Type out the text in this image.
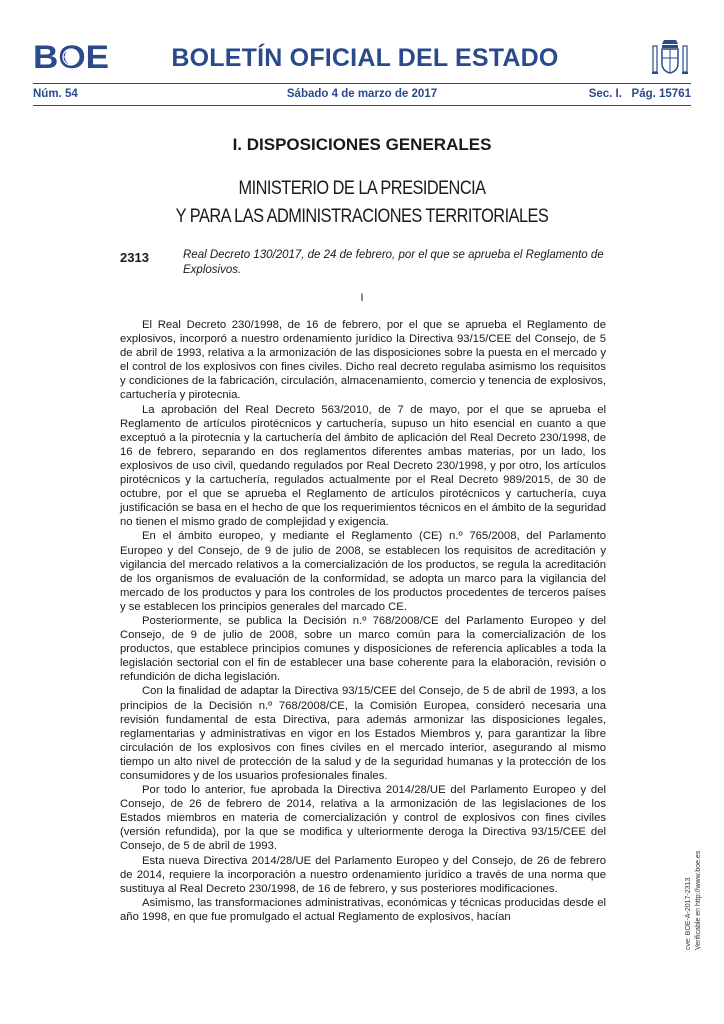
BOE	BOLETÍN OFICIAL DEL ESTADO
Núm. 54	Sábado 4 de marzo de 2017	Sec. I.   Pág. 15761
I. DISPOSICIONES GENERALES
MINISTERIO DE LA PRESIDENCIA
Y PARA LAS ADMINISTRACIONES TERRITORIALES
2313	Real Decreto 130/2017, de 24 de febrero, por el que se aprueba el Reglamento de Explosivos.
I

El Real Decreto 230/1998, de 16 de febrero, por el que se aprueba el Reglamento de explosivos, incorporó a nuestro ordenamiento jurídico la Directiva 93/15/CEE del Consejo, de 5 de abril de 1993, relativa a la armonización de las disposiciones sobre la puesta en el mercado y el control de los explosivos con fines civiles. Dicho real decreto regulaba asimismo los requisitos y condiciones de la fabricación, circulación, almacenamiento, comercio y tenencia de explosivos, cartuchería y pirotecnia.

La aprobación del Real Decreto 563/2010, de 7 de mayo, por el que se aprueba el Reglamento de artículos pirotécnicos y cartuchería, supuso un hito esencial en cuanto a que exceptuó a la pirotecnia y la cartuchería del ámbito de aplicación del Real Decreto 230/1998, de 16 de febrero, separando en dos reglamentos diferentes ambas materias, por un lado, los explosivos de uso civil, quedando regulados por Real Decreto 230/1998, y por otro, los artículos pirotécnicos y la cartuchería, regulados actualmente por el Real Decreto 989/2015, de 30 de octubre, por el que se aprueba el Reglamento de artículos pirotécnicos y cartuchería, cuya justificación se basa en el hecho de que los requerimientos técnicos en el ámbito de la seguridad no tienen el mismo grado de complejidad y exigencia.

En el ámbito europeo, y mediante el Reglamento (CE) n.º 765/2008, del Parlamento Europeo y del Consejo, de 9 de julio de 2008, se establecen los requisitos de acreditación y vigilancia del mercado relativos a la comercialización de los productos, se regula la acreditación de los organismos de evaluación de la conformidad, se adopta un marco para la vigilancia del mercado de los productos y para los controles de los productos procedentes de terceros países y se establecen los principios generales del marcado CE.

Posteriormente, se publica la Decisión n.º 768/2008/CE del Parlamento Europeo y del Consejo, de 9 de julio de 2008, sobre un marco común para la comercialización de los productos, que establece principios comunes y disposiciones de referencia aplicables a toda la legislación sectorial con el fin de establecer una base coherente para la elaboración, revisión o refundición de dicha legislación.

Con la finalidad de adaptar la Directiva 93/15/CEE del Consejo, de 5 de abril de 1993, a los principios de la Decisión n.º 768/2008/CE, la Comisión Europea, consideró necesaria una revisión fundamental de esta Directiva, para además armonizar las disposiciones legales, reglamentarias y administrativas en vigor en los Estados Miembros y, para garantizar la libre circulación de los explosivos con fines civiles en el mercado interior, asegurando al mismo tiempo un alto nivel de protección de la salud y de la seguridad humanas y la protección de los consumidores y de los usuarios profesionales finales.

Por todo lo anterior, fue aprobada la Directiva 2014/28/UE del Parlamento Europeo y del Consejo, de 26 de febrero de 2014, relativa a la armonización de las legislaciones de los Estados miembros en materia de comercialización y control de explosivos con fines civiles (versión refundida), por la que se modifica y ulteriormente deroga la Directiva 93/15/CEE del Consejo, de 5 de abril de 1993.

Esta nueva Directiva 2014/28/UE del Parlamento Europeo y del Consejo, de 26 de febrero de 2014, requiere la incorporación a nuestro ordenamiento jurídico a través de una norma que sustituya al Real Decreto 230/1998, de 16 de febrero, y sus posteriores modificaciones.

Asimismo, las transformaciones administrativas, económicas y técnicas producidas desde el año 1998, en que fue promulgado el actual Reglamento de explosivos, hacían	cve: BOE-A-2017-2313 Verificable en http://www.boe.es
